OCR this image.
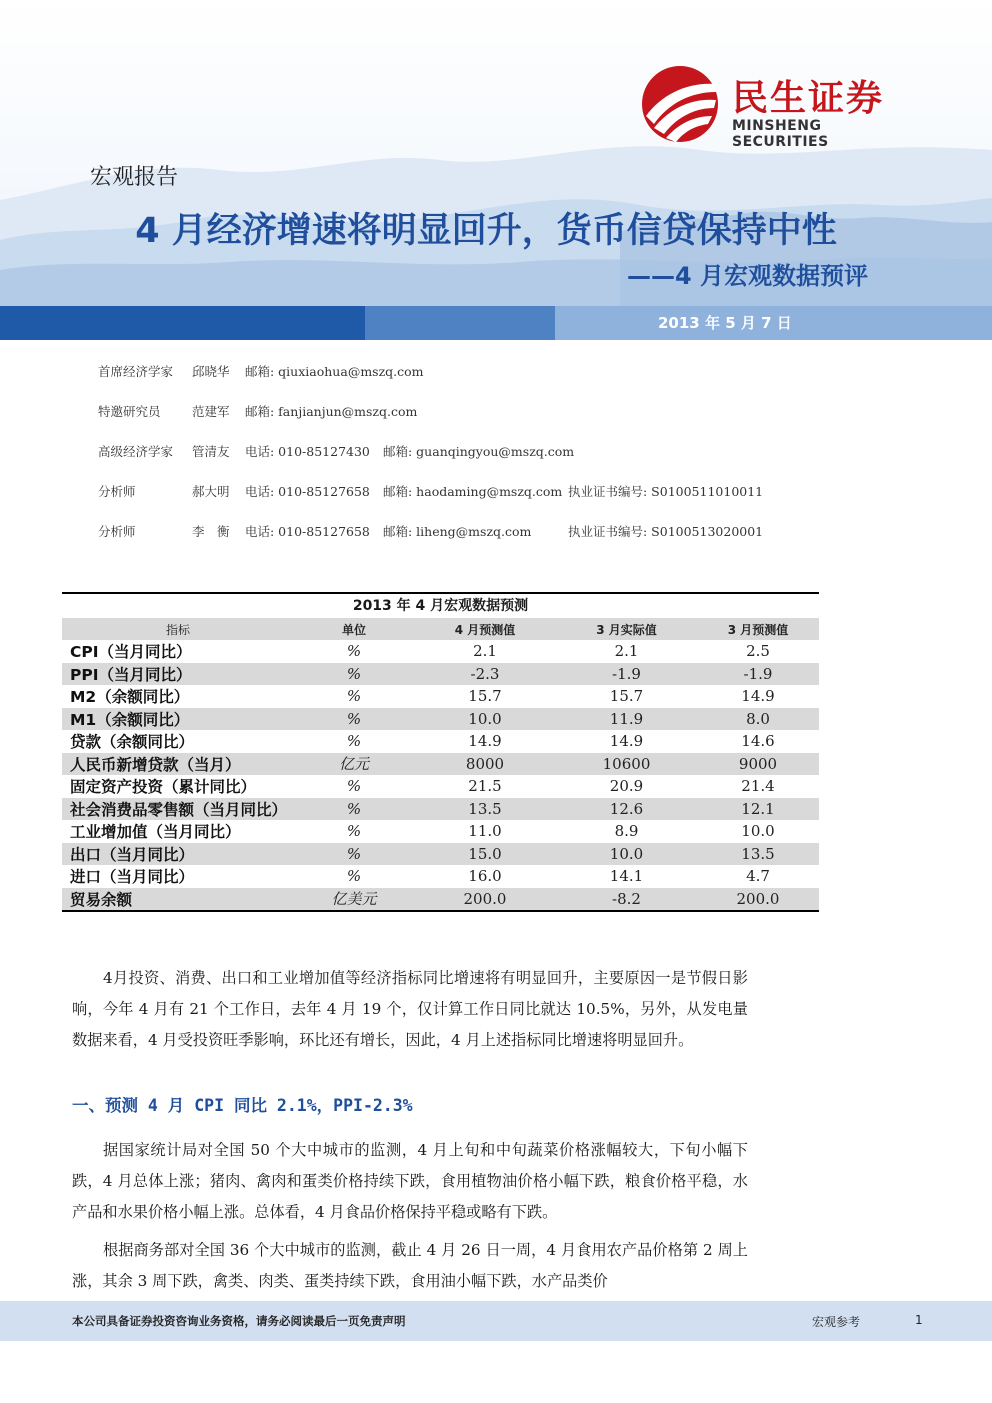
民生证券
MINSHENG SECURITIES
宏观报告
4 月经济增速将明显回升，货币信贷保持中性
——4 月宏观数据预评
2013 年 5 月 7 日
首席经济学家 邱晓华 邮箱: qiuxiaohua@mszq.com
特邀研究员	范建军 邮箱: fanjianjun@mszq.com
高级经济学家 管清友 电话: 010-85127430 邮箱: guanqingyou@mszq.com
分析师	郝大明 电话: 010-85127658 邮箱: haodaming@mszq.com 执业证书编号: S0100511010011
分析师	李　衡 电话: 010-85127658 邮箱: liheng@mszq.com	执业证书编号: S0100513020001
2013 年 4 月宏观数据预测
指标	单位	4 月预测值	3 月实际值	3 月预测值
CPI（当月同比）	%	2.1	2.1	2.5
PPI（当月同比）	%	-2.3	-1.9	-1.9
M2（余额同比）	%	15.7	15.7	14.9
M1（余额同比）	%	10.0	11.9	8.0
贷款（余额同比）	%	14.9	14.9	14.6
人民币新增贷款（当月）	亿元	8000	10600	9000
固定资产投资（累计同比）	%	21.5	20.9	21.4
社会消费品零售额（当月同比）	%	13.5	12.6	12.1
工业增加值（当月同比）	%	11.0	8.9	10.0
出口（当月同比）	%	15.0	10.0	13.5
进口（当月同比）	%	16.0	14.1	4.7
贸易余额	亿美元	200.0	-8.2	200.0
4月投资、消费、出口和工业增加值等经济指标同比增速将有明显回升，主要原因一是节假日影响，今年 4 月有 21 个工作日，去年 4 月 19 个，仅计算工作日同比就达 10.5%，另外，从发电量数据来看，4 月受投资旺季影响，环比还有增长，因此，4 月上述指标同比增速将明显回升。
一、预测 4 月 CPI 同比 2.1%，PPI-2.3%
据国家统计局对全国 50 个大中城市的监测，4 月上旬和中旬蔬菜价格涨幅较大，下旬小幅下跌，4 月总体上涨；猪肉、禽肉和蛋类价格持续下跌，食用植物油价格小幅下跌，粮食价格平稳，水产品和水果价格小幅上涨。总体看，4 月食品价格保持平稳或略有下跌。
根据商务部对全国 36 个大中城市的监测，截止 4 月 26 日一周，4 月食用农产品价格第 2 周上涨，其余 3 周下跌，禽类、肉类、蛋类持续下跌，食用油小幅下跌，水产品类价
本公司具备证券投资咨询业务资格，请务必阅读最后一页免责声明	宏观参考	1
